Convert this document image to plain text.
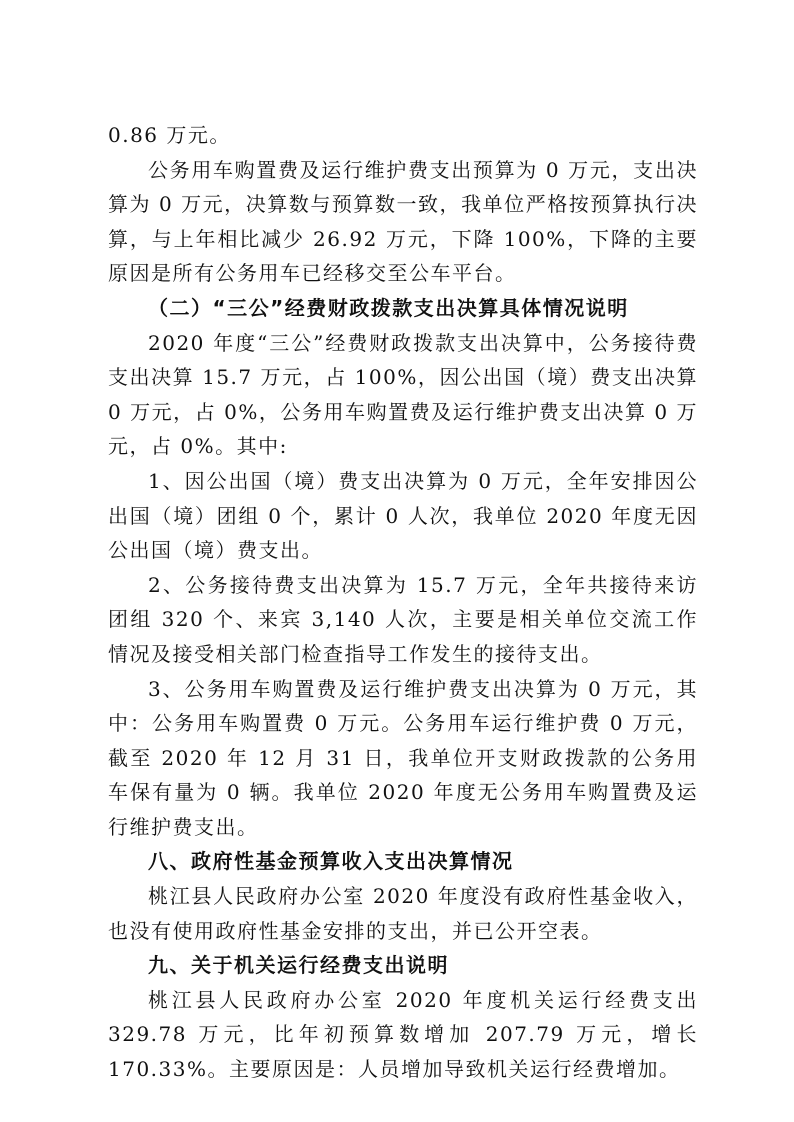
0.86 万元。

公务用车购置费及运行维护费支出预算为 0 万元，支出决算为 0 万元，决算数与预算数一致，我单位严格按预算执行决算，与上年相比减少 26.92 万元，下降 100%，下降的主要原因是所有公务用车已经移交至公车平台。

（二）“三公”经费财政拨款支出决算具体情况说明

2020 年度“三公”经费财政拨款支出决算中，公务接待费支出决算 15.7 万元，占 100%，因公出国（境）费支出决算 0 万元，占 0%，公务用车购置费及运行维护费支出决算 0 万元，占 0%。其中:

1、因公出国（境）费支出决算为 0 万元，全年安排因公出国（境）团组 0 个，累计 0 人次，我单位 2020 年度无因公出国（境）费支出。

2、公务接待费支出决算为 15.7 万元，全年共接待来访团组 320 个、来宾 3,140 人次，主要是相关单位交流工作情况及接受相关部门检查指导工作发生的接待支出。

3、公务用车购置费及运行维护费支出决算为 0 万元，其中：公务用车购置费 0 万元。公务用车运行维护费 0 万元，截至 2020 年 12 月 31 日，我单位开支财政拨款的公务用车保有量为 0 辆。我单位 2020 年度无公务用车购置费及运行维护费支出。

八、政府性基金预算收入支出决算情况

桃江县人民政府办公室 2020 年度没有政府性基金收入，也没有使用政府性基金安排的支出，并已公开空表。

九、关于机关运行经费支出说明

桃江县人民政府办公室 2020 年度机关运行经费支出 329.78 万元，比年初预算数增加 207.79 万元，增长 170.33%。主要原因是：人员增加导致机关运行经费增加。
